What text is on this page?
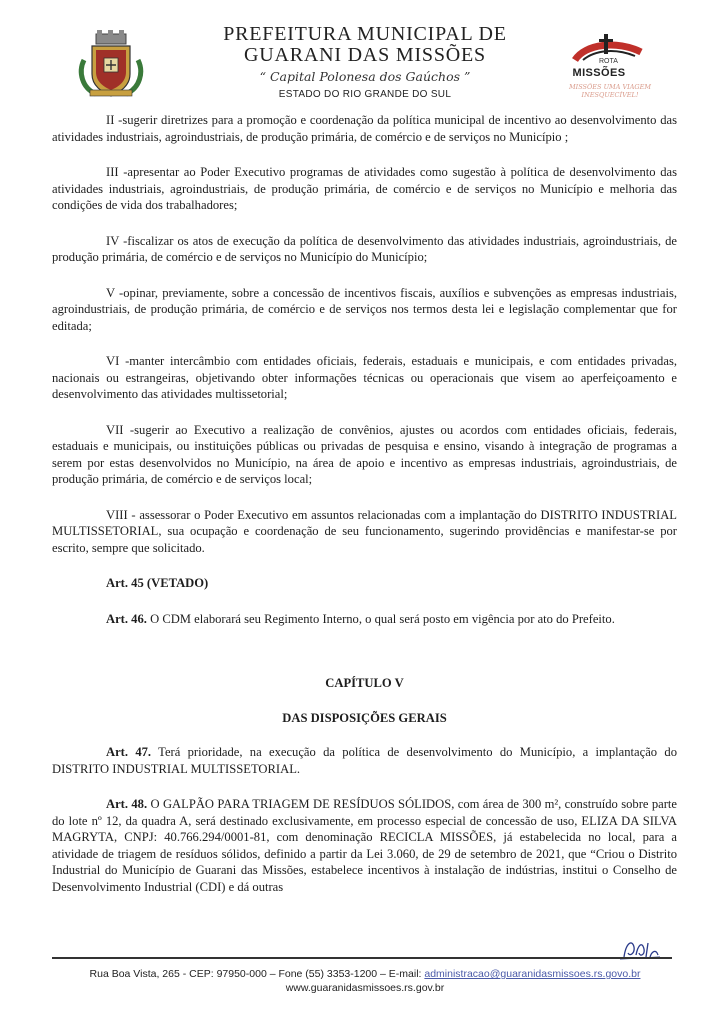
PREFEITURA MUNICIPAL DE
GUARANI DAS MISSÕES
“ Capital Polonesa dos Gaúchos ”
ESTADO DO RIO GRANDE DO SUL
ROTA
MISSÕES
MISSÕES UMA VIAGEM INESQUECÍVEL!

II -sugerir diretrizes para a promoção e coordenação da política municipal de incentivo ao desenvolvimento das atividades industriais, agroindustriais, de produção primária, de comércio e de serviços no Município ;

III -apresentar ao Poder Executivo programas de atividades como sugestão à política de desenvolvimento das atividades industriais, agroindustriais, de produção primária, de comércio e de serviços no Município e melhoria das condições de vida dos trabalhadores;

IV -fiscalizar os atos de execução da política de desenvolvimento das atividades industriais, agroindustriais, de produção primária, de comércio e de serviços no Município do Município;

V -opinar, previamente, sobre a concessão de incentivos fiscais, auxílios e subvenções as empresas industriais, agroindustriais, de produção primária, de comércio e de serviços nos termos desta lei e legislação complementar que for editada;

VI -manter intercâmbio com entidades oficiais, federais, estaduais e municipais, e com entidades privadas, nacionais ou estrangeiras, objetivando obter informações técnicas ou operacionais que visem ao aperfeiçoamento e desenvolvimento das atividades multissetorial;

VII -sugerir ao Executivo a realização de convênios, ajustes ou acordos com entidades oficiais, federais, estaduais e municipais, ou instituições públicas ou privadas de pesquisa e ensino, visando à integração de programas a serem por estas desenvolvidos no Município, na área de apoio e incentivo as empresas industriais, agroindustriais, de produção primária, de comércio e de serviços local;

VIII - assessorar o Poder Executivo em assuntos relacionadas com a implantação do DISTRITO INDUSTRIAL MULTISSETORIAL, sua ocupação e coordenação de seu funcionamento, sugerindo providências e manifestar-se por escrito, sempre que solicitado.

Art. 45 (VETADO)
Art. 46. O CDM elaborará seu Regimento Interno, o qual será posto em vigência por ato do Prefeito.
CAPÍTULO V
DAS DISPOSIÇÕES GERAIS

Art. 47. Terá prioridade, na execução da política de desenvolvimento do Município, a implantação do DISTRITO INDUSTRIAL MULTISSETORIAL.

Art. 48. O GALPÃO PARA TRIAGEM DE RESÍDUOS SÓLIDOS, com área de 300 m², construído sobre parte do lote nº 12, da quadra A, será destinado exclusivamente, em processo especial de concessão de uso, ELIZA DA SILVA MAGRYTA, CNPJ: 40.766.294/0001-81, com denominação RECICLA MISSÕES, já estabelecida no local, para a atividade de triagem de resíduos sólidos, definido a partir da Lei 3.060, de 29 de setembro de 2021, que “Criou o Distrito Industrial do Município de Guarani das Missões, estabelece incentivos à instalação de indústrias, institui o Conselho de Desenvolvimento Industrial (CDI) e dá outras

Rua Boa Vista, 265 - CEP: 97950-000 – Fone (55) 3353-1200 – E-mail: administracao@guaranidasmissoes.rs.govo.br
www.guaranidasmissoes.rs.gov.br
